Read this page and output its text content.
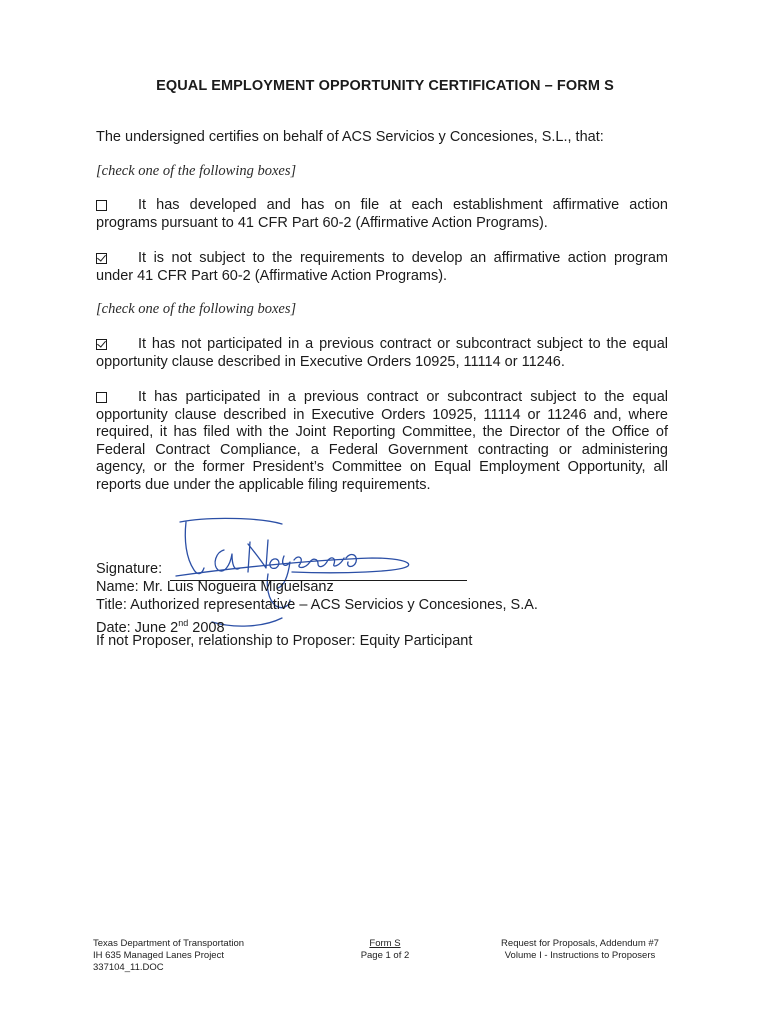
EQUAL EMPLOYMENT OPPORTUNITY CERTIFICATION – FORM S
The undersigned certifies on behalf of ACS Servicios y Concesiones, S.L., that:
[check one of the following boxes]
It has developed and has on file at each establishment affirmative action
programs pursuant to 41 CFR Part 60-2 (Affirmative Action Programs).
It is not subject to the requirements to develop an affirmative action program
under 41 CFR Part 60-2 (Affirmative Action Programs).
[check one of the following boxes]
It has not participated in a previous contract or subcontract subject to the equal
opportunity clause described in Executive Orders 10925, 11114 or 11246.
It has participated in a previous contract or subcontract subject to the equal
opportunity clause described in Executive Orders 10925, 11114 or 11246 and, where required, it has filed with the Joint Reporting Committee, the Director of the Office of Federal Contract Compliance, a Federal Government contracting or administering agency, or the former President’s Committee on Equal Employment Opportunity, all reports due under the applicable filing requirements.
Signature:
Name: Mr. Luis Nogueira Miguelsanz
Title: Authorized representative – ACS Servicios y Concesiones, S.A.
Date: June 2nd 2008
If not Proposer, relationship to Proposer: Equity Participant
Texas Department of Transportation
IH 635 Managed Lanes Project
337104_11.DOC
Form S
Page 1 of 2
Request for Proposals, Addendum #7
Volume I - Instructions to Proposers
